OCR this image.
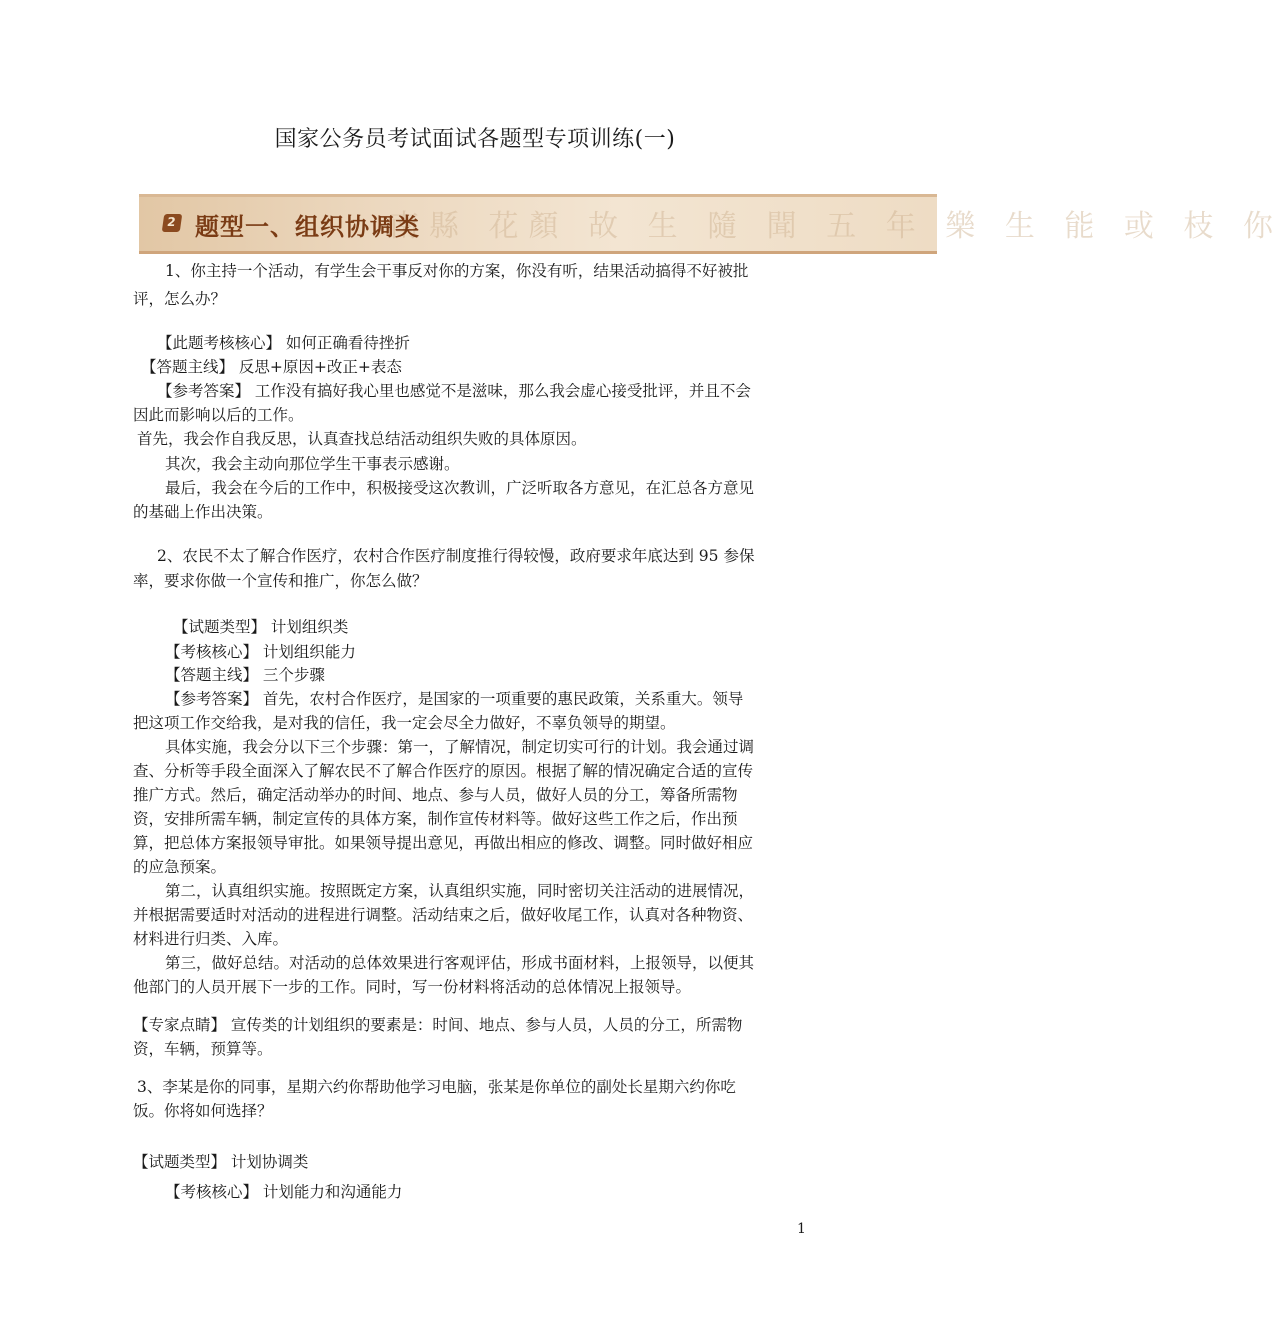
国家公务员考试面试各题型专项训练(一)
南縣 花顏 故 生 隨 聞 五 年 樂 生 能 或 枝 你
2 题型一、组织协调类
1、你主持一个活动，有学生会干事反对你的方案，你没有听，结果活动搞得不好被批
评，怎么办？
【此题考核核心】 如何正确看待挫折
【答题主线】 反思+原因+改正+表态
【参考答案】 工作没有搞好我心里也感觉不是滋味，那么我会虚心接受批评，并且不会
因此而影响以后的工作。
首先，我会作自我反思，认真查找总结活动组织失败的具体原因。
其次，我会主动向那位学生干事表示感谢。
最后，我会在今后的工作中，积极接受这次教训，广泛听取各方意见，在汇总各方意见
的基础上作出决策。
2、农民不太了解合作医疗，农村合作医疗制度推行得较慢，政府要求年底达到 95 参保
率，要求你做一个宣传和推广，你怎么做？
【试题类型】 计划组织类
【考核核心】 计划组织能力
【答题主线】 三个步骤
【参考答案】 首先，农村合作医疗，是国家的一项重要的惠民政策，关系重大。领导
把这项工作交给我，是对我的信任，我一定会尽全力做好，不辜负领导的期望。
具体实施，我会分以下三个步骤：第一，了解情况，制定切实可行的计划。我会通过调
查、分析等手段全面深入了解农民不了解合作医疗的原因。根据了解的情况确定合适的宣传
推广方式。然后，确定活动举办的时间、地点、参与人员，做好人员的分工，筹备所需物
资，安排所需车辆，制定宣传的具体方案，制作宣传材料等。做好这些工作之后，作出预
算，把总体方案报领导审批。如果领导提出意见，再做出相应的修改、调整。同时做好相应
的应急预案。
第二，认真组织实施。按照既定方案，认真组织实施，同时密切关注活动的进展情况，
并根据需要适时对活动的进程进行调整。活动结束之后，做好收尾工作，认真对各种物资、
材料进行归类、入库。
第三，做好总结。对活动的总体效果进行客观评估，形成书面材料，上报领导，以便其
他部门的人员开展下一步的工作。同时，写一份材料将活动的总体情况上报领导。
【专家点睛】 宣传类的计划组织的要素是：时间、地点、参与人员，人员的分工，所需物
资，车辆，预算等。
3、李某是你的同事，星期六约你帮助他学习电脑，张某是你单位的副处长星期六约你吃
饭。你将如何选择？
【试题类型】 计划协调类
【考核核心】 计划能力和沟通能力
1
